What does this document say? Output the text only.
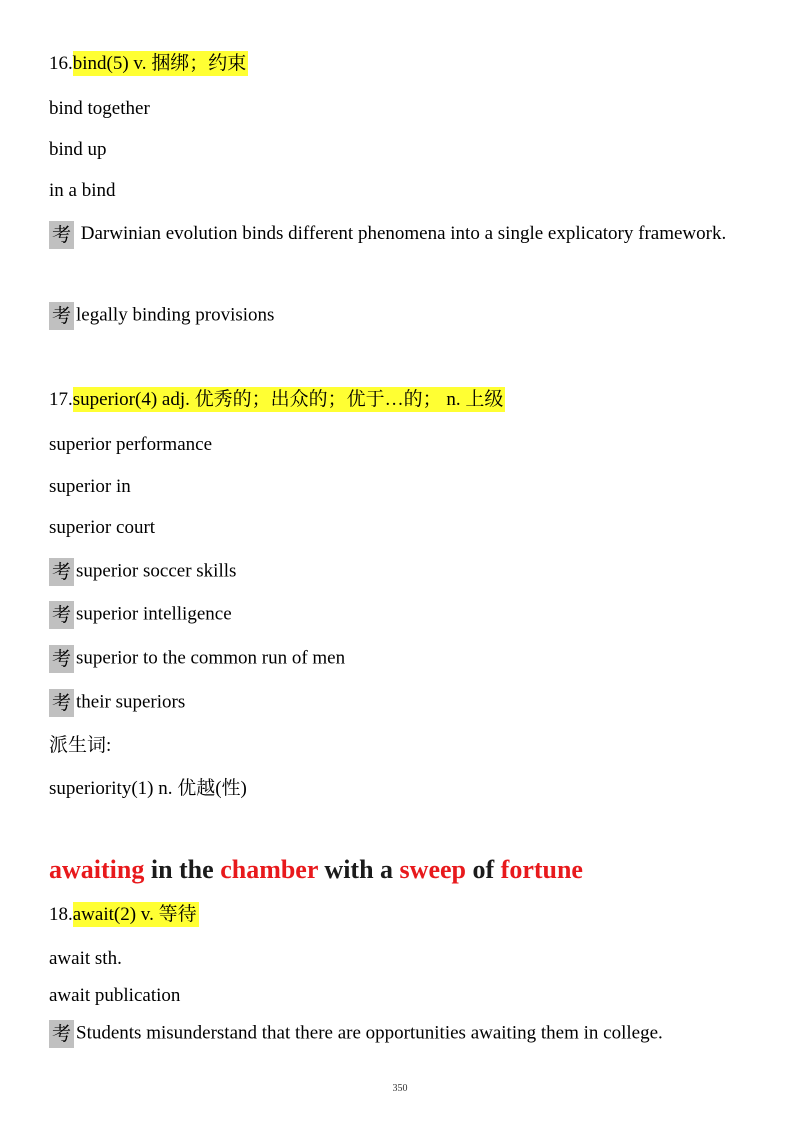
16.bind(5) v. 捆绑；约束
bind together
bind up
in a bind
考 Darwinian evolution binds different phenomena into a single explicatory framework.
考 legally binding provisions
17.superior(4) adj. 优秀的；出众的；优于…的； n. 上级
superior performance
superior in
superior court
考 superior soccer skills
考 superior intelligence
考 superior to the common run of men
考 their superiors
派生词:
superiority(1) n. 优越(性)
awaiting in the chamber with a sweep of fortune
18.await(2) v. 等待
await sth.
await publication
考 Students misunderstand that there are opportunities awaiting them in college.
350
